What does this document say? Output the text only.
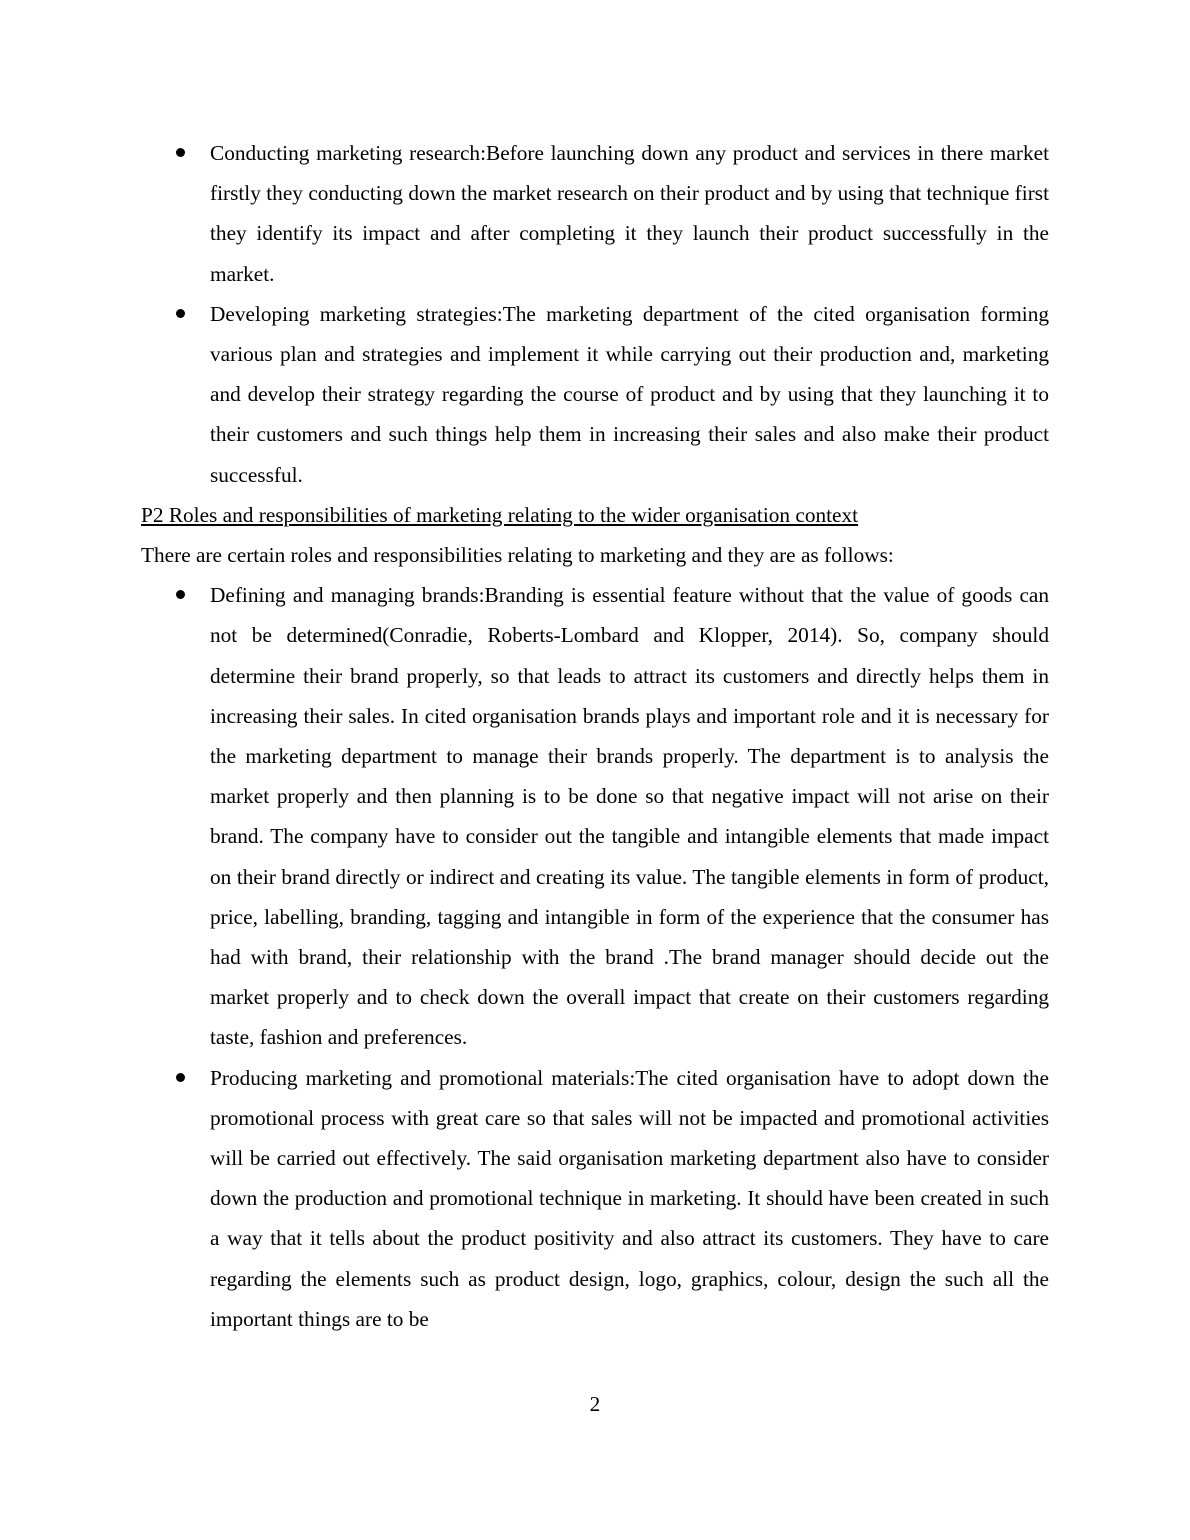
Conducting marketing research:Before launching down any product and services in there market firstly they conducting down the market research on their product and by using that technique first they identify its impact and after completing it they launch their product successfully in the market.
Developing marketing strategies:The marketing department of the cited organisation forming various plan and strategies and implement it while carrying out their production and, marketing and develop their strategy regarding the course of product and by using that they launching it to their customers and such things help them in increasing their sales and also make their product successful.

P2 Roles and responsibilities of marketing relating to the wider organisation context

There are certain roles and responsibilities relating to marketing and they are as follows:

Defining and managing brands:Branding is essential feature without that the value of goods can not be determined(Conradie, Roberts-Lombard and Klopper, 2014). So, company should determine their brand properly, so that leads to attract its customers and directly helps them in increasing their sales. In cited organisation brands plays and important role and it is necessary for the marketing department to manage their brands properly. The department is to analysis the market properly and then planning is to be done so that negative impact will not arise on their brand. The company have to consider out the tangible and intangible elements that made impact on their brand directly or indirect and creating its value. The tangible elements in form of product, price, labelling, branding, tagging and intangible in form of the experience that the consumer has had with brand, their relationship with the brand .The brand manager should decide out the market properly and to check down the overall impact that create on their customers regarding taste, fashion and preferences.
Producing marketing and promotional materials:The cited organisation have to adopt down the promotional process with great care so that sales will not be impacted and promotional activities will be carried out effectively. The said organisation marketing department also have to consider down the production and promotional technique in marketing. It should have been created in such a way that it tells about the product positivity and also attract its customers. They have to care regarding the elements such as product design, logo, graphics, colour, design the such all the important things are to be
2
